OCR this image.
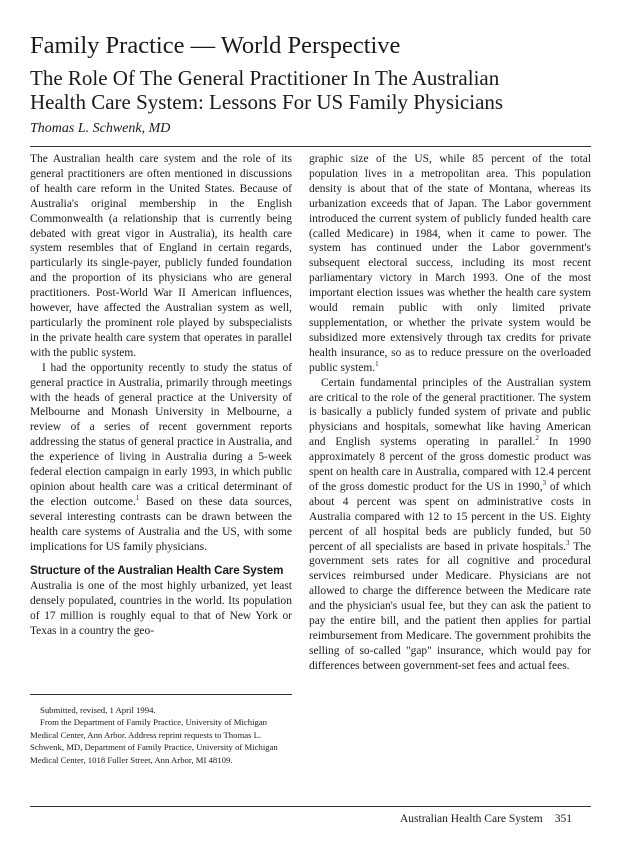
Family Practice — World Perspective
The Role Of The General Practitioner In The Australian
Health Care System: Lessons For US Family Physicians

Thomas L. Schwenk, MD

The Australian health care system and the role of its general practitioners are often mentioned in discussions of health care reform in the United States. Because of Australia's original membership in the English Commonwealth (a relationship that is currently being debated with great vigor in Australia), its health care system resembles that of England in certain regards, particularly its single-payer, publicly funded foundation and the proportion of its physicians who are general practitioners. Post-World War II American influences, however, have affected the Australian system as well, particularly the prominent role played by subspecialists in the private health care system that operates in parallel with the public system.

I had the opportunity recently to study the status of general practice in Australia, primarily through meetings with the heads of general practice at the University of Melbourne and Monash University in Melbourne, a review of a series of recent government reports addressing the status of general practice in Australia, and the experience of living in Australia during a 5-week federal election campaign in early 1993, in which public opinion about health care was a critical determinant of the election outcome.$^1$ Based on these data sources, several interesting contrasts can be drawn between the health care systems of Australia and the US, with some implications for US family physicians.

Structure of the Australian Health Care System

Australia is one of the most highly urbanized, yet least densely populated, countries in the world. Its population of 17 million is roughly equal to that of New York or Texas in a country the geo-

Submitted, revised, 1 April 1994.

From the Department of Family Practice, University of Michigan Medical Center, Ann Arbor. Address reprint requests to Thomas L. Schwenk, MD, Department of Family Practice, University of Michigan Medical Center, 1018 Fuller Street, Ann Arbor, MI 48109.

graphic size of the US, while 85 percent of the total population lives in a metropolitan area. This population density is about that of the state of Montana, whereas its urbanization exceeds that of Japan. The Labor government introduced the current system of publicly funded health care (called Medicare) in 1984, when it came to power. The system has continued under the Labor government's subsequent electoral success, including its most recent parliamentary victory in March 1993. One of the most important election issues was whether the health care system would remain public with only limited private supplementation, or whether the private system would be subsidized more extensively through tax credits for private health insurance, so as to reduce pressure on the overloaded public system.$^1$

Certain fundamental principles of the Australian system are critical to the role of the general practitioner. The system is basically a publicly funded system of private and public physicians and hospitals, somewhat like having American and English systems operating in parallel.$^2$ In 1990 approximately 8 percent of the gross domestic product was spent on health care in Australia, compared with 12.4 percent of the gross domestic product for the US in 1990,$^3$ of which about 4 percent was spent on administrative costs in Australia compared with 12 to 15 percent in the US. Eighty percent of all hospital beds are publicly funded, but 50 percent of all specialists are based in private hospitals.$^3$ The government sets rates for all cognitive and procedural services reimbursed under Medicare. Physicians are not allowed to charge the difference between the Medicare rate and the physician's usual fee, but they can ask the patient to pay the entire bill, and the patient then applies for partial reimbursement from Medicare. The government prohibits the selling of so-called "gap" insurance, which would pay for differences between government-set fees and actual fees.

Australian Health Care System 351
